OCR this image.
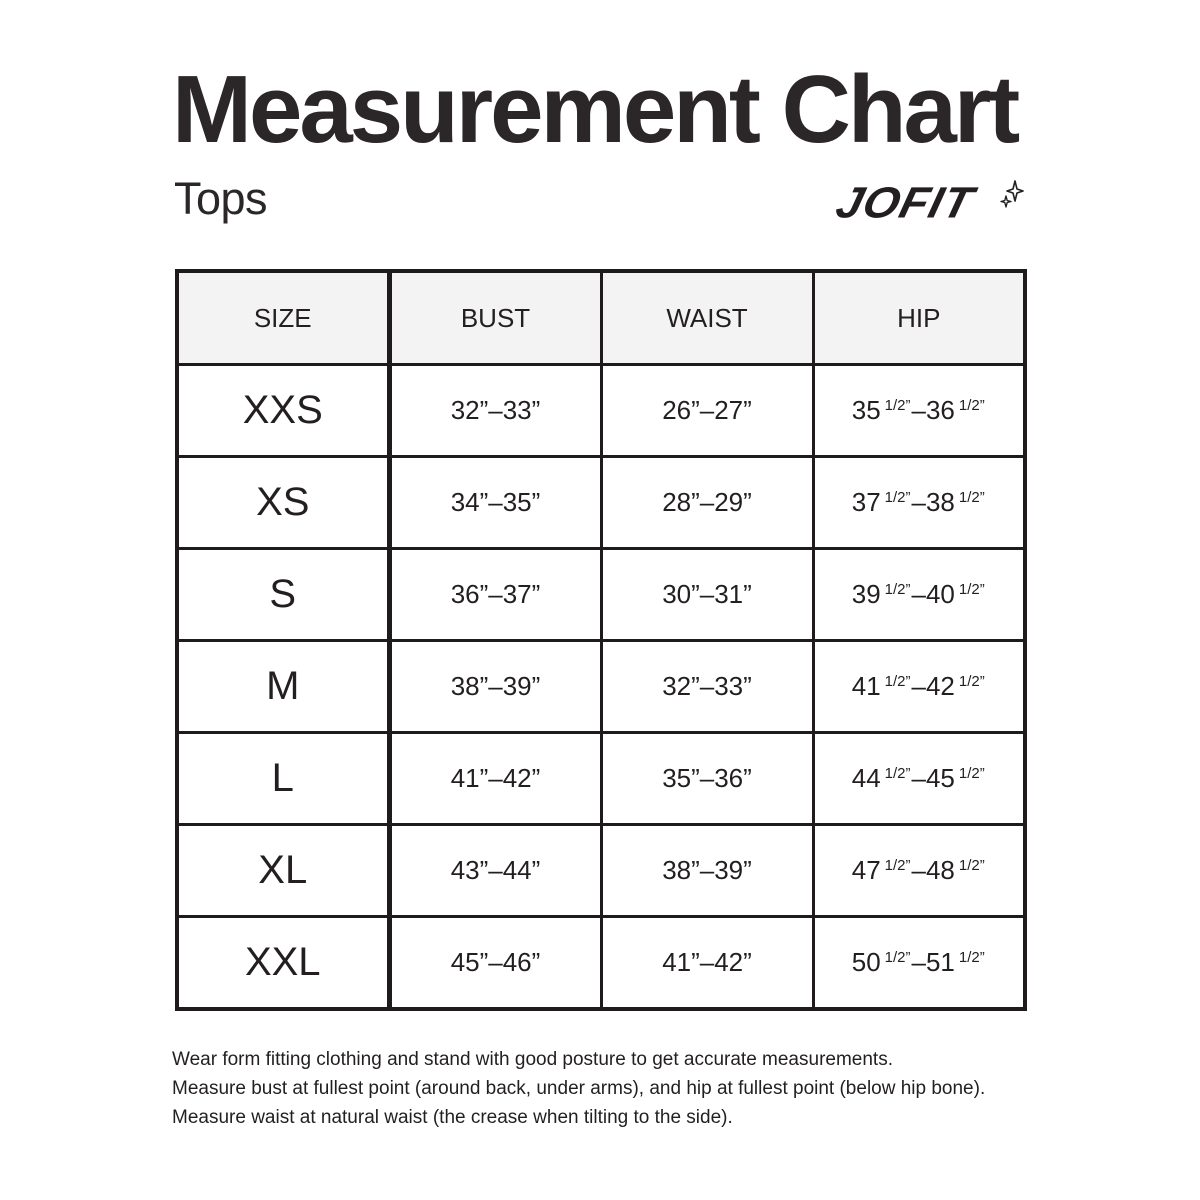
Measurement Chart
Tops	JOFIT
SIZE	BUST	WAIST	HIP
XXS	32”–33”	26”–27”	35 $^{1/2”}$–36 $^{1/2”}$
XS	34”–35”	28”–29”	37 $^{1/2”}$–38 $^{1/2”}$
S	36”–37”	30”–31”	39 $^{1/2”}$–40 $^{1/2”}$
M	38”–39”	32”–33”	41 $^{1/2”}$–42 $^{1/2”}$
L	41”–42”	35”–36”	44 $^{1/2”}$–45 $^{1/2”}$
XL	43”–44”	38”–39”	47 $^{1/2”}$–48 $^{1/2”}$
XXL	45”–46”	41”–42”	50 $^{1/2”}$–51 $^{1/2”}$

Wear form fitting clothing and stand with good posture to get accurate measurements.

Measure bust at fullest point (around back, under arms), and hip at fullest point (below hip bone).

Measure waist at natural waist (the crease when tilting to the side).
